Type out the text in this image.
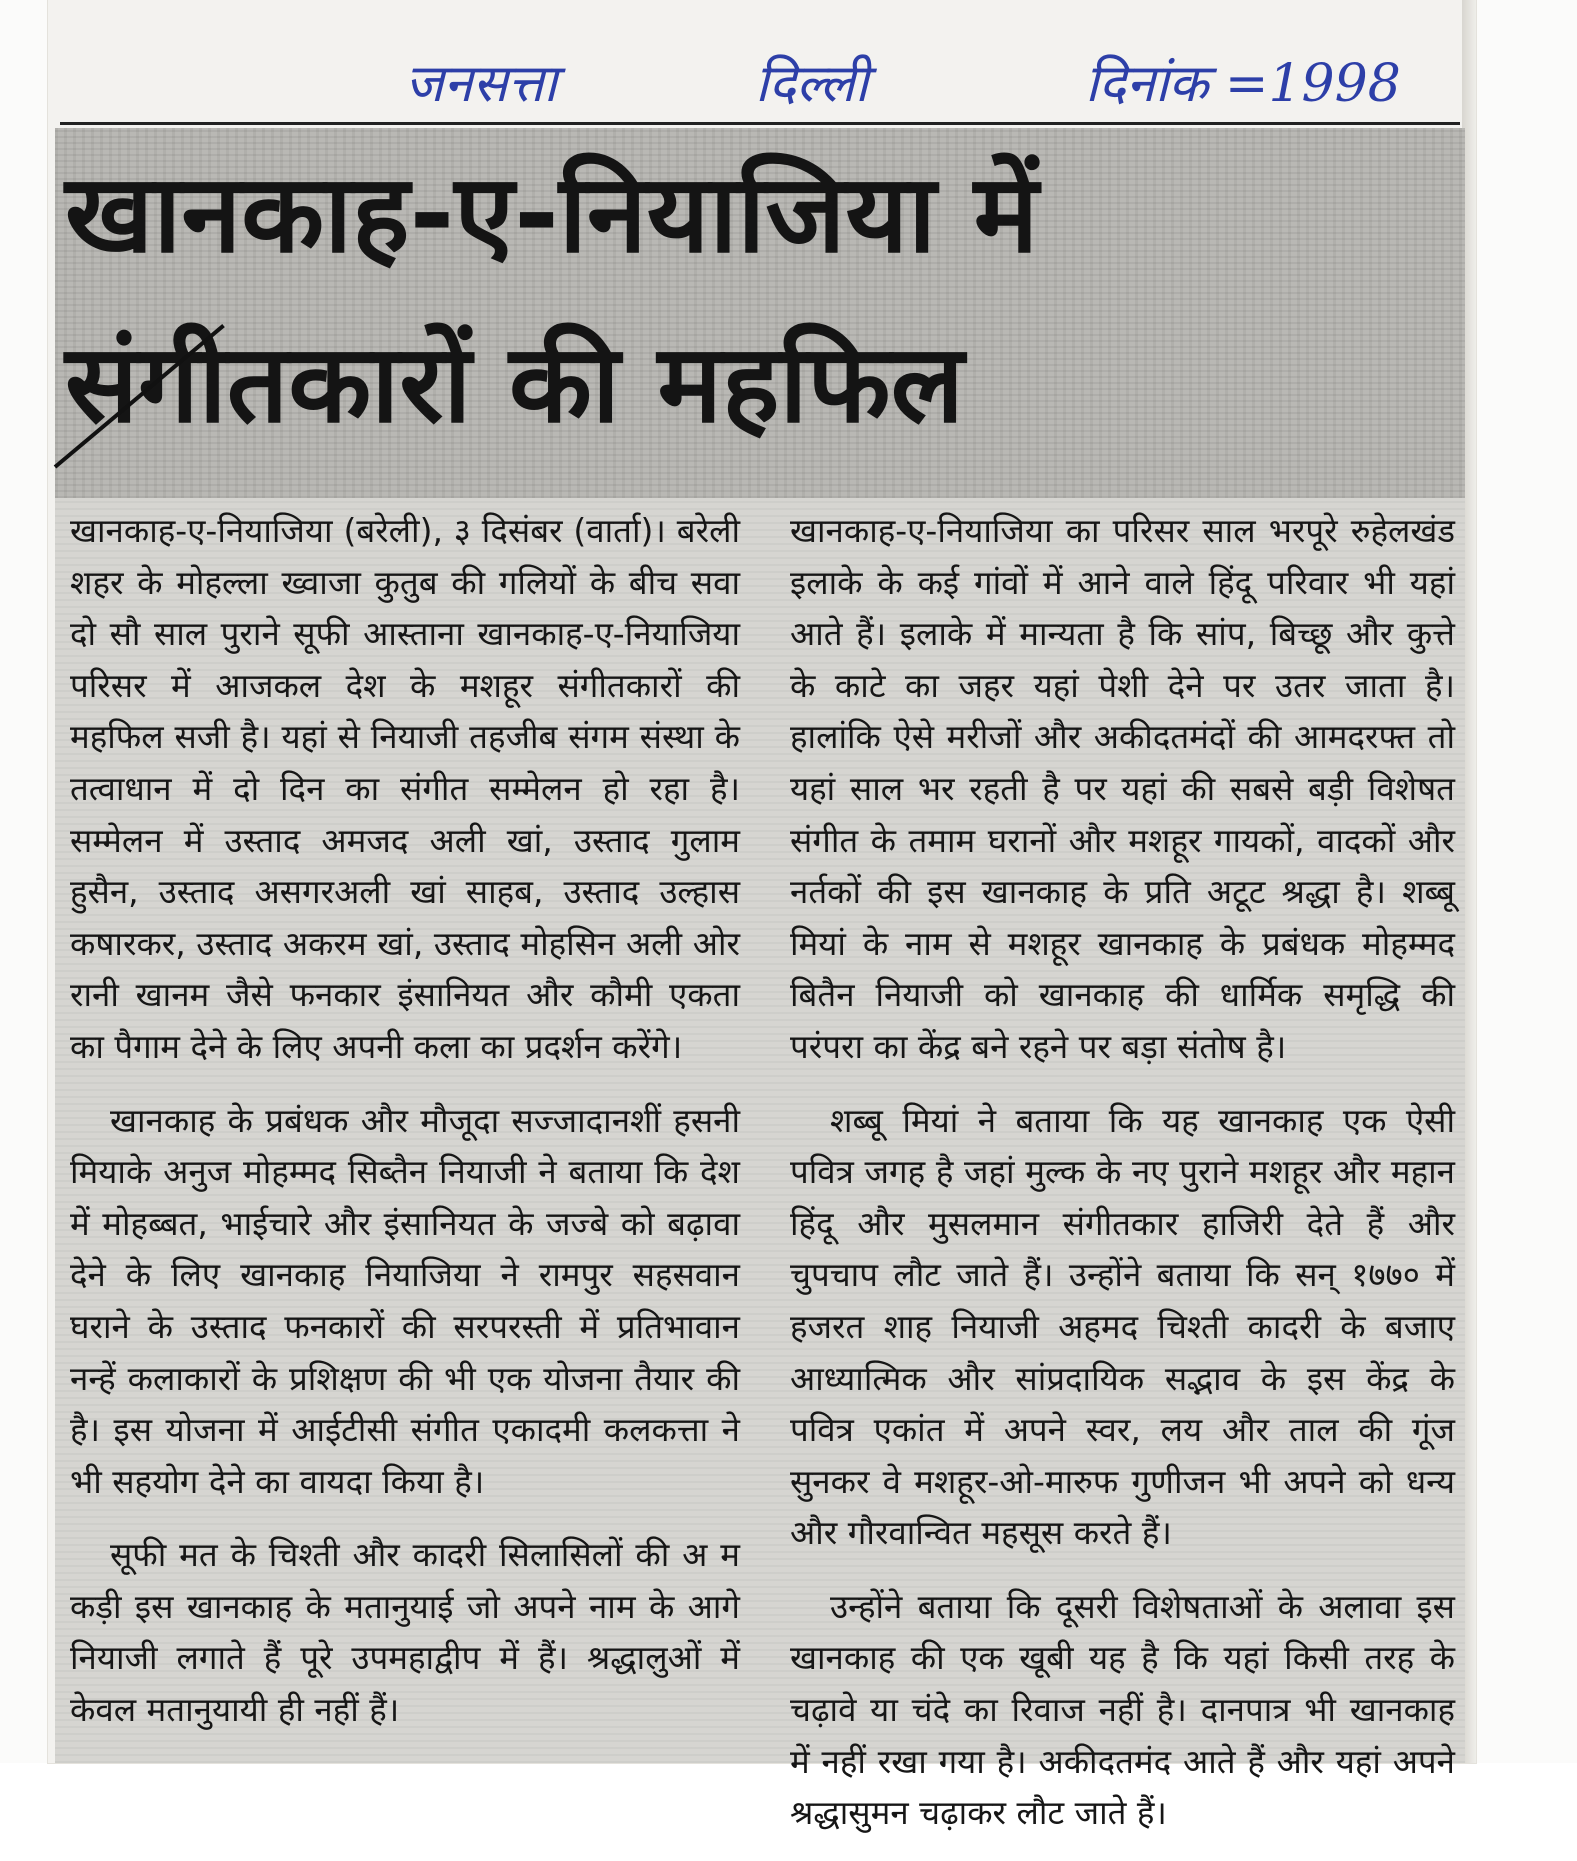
जनसत्ता	दिल्ली	दिनांक =1998
खानकाह-ए-नियाजिया में
संगीतकारों की महफिल

खानकाह-ए-नियाजिया (बरेली), ३ दिसंबर (वार्ता)। बरेली शहर के मोहल्ला ख्वाजा कुतुब की गलियों के बीच सवा दो सौ साल पुराने सूफी आस्ताना खानकाह-ए-नियाजिया परिसर में आजकल देश के मशहूर संगीतकारों की महफिल सजी है। यहां से नियाजी तहजीब संगम संस्था के तत्वाधान में दो दिन का संगीत सम्मेलन हो रहा है। सम्मेलन में उस्ताद अमजद अली खां, उस्ताद गुलाम हुसैन, उस्ताद असगरअली खां साहब, उस्ताद उल्हास कषारकर, उस्ताद अकरम खां, उस्ताद मोहसिन अली ओर रानी खानम जैसे फनकार इंसानियत और कौमी एकता का पैगाम देने के लिए अपनी कला का प्रदर्शन करेंगे।

खानकाह के प्रबंधक और मौजूदा सज्जादानशीं हसनी मियाके अनुज मोहम्मद सिब्तैन नियाजी ने बताया कि देश में मोहब्बत, भाईचारे और इंसानियत के जज्बे को बढ़ावा देने के लिए खानकाह नियाजिया ने रामपुर सहसवान घराने के उस्ताद फनकारों की सरपरस्ती में प्रतिभावान नन्हें कलाकारों के प्रशिक्षण की भी एक योजना तैयार की है। इस योजना में आईटीसी संगीत एकादमी कलकत्ता ने भी सहयोग देने का वायदा किया है।

सूफी मत के चिश्ती और कादरी सिलासिलों की अ म कड़ी इस खानकाह के मतानुयाई जो अपने नाम के आगे नियाजी लगाते हैं पूरे उपमहाद्वीप में हैं। श्रद्धालुओं में केवल मतानुयायी ही नहीं हैं।

खानकाह-ए-नियाजिया का परिसर साल भरपूरे रुहेलखंड इलाके के कई गांवों में आने वाले हिंदू परिवार भी यहां आते हैं। इलाके में मान्यता है कि सांप, बिच्छू और कुत्ते के काटे का जहर यहां पेशी देने पर उतर जाता है। हालांकि ऐसे मरीजों और अकीदतमंदों की आमदरफ्त तो यहां साल भर रहती है पर यहां की सबसे बड़ी विशेषत संगीत के तमाम घरानों और मशहूर गायकों, वादकों और नर्तकों की इस खानकाह के प्रति अटूट श्रद्धा है। शब्बू मियां के नाम से मशहूर खानकाह के प्रबंधक मोहम्मद बितैन नियाजी को खानकाह की धार्मिक समृद्धि की परंपरा का केंद्र बने रहने पर बड़ा संतोष है।

शब्बू मियां ने बताया कि यह खानकाह एक ऐसी पवित्र जगह है जहां मुल्क के नए पुराने मशहूर और महान हिंदू और मुसलमान संगीतकार हाजिरी देते हैं और चुपचाप लौट जाते हैं। उन्होंने बताया कि सन् १७७० में हजरत शाह नियाजी अहमद चिश्ती कादरी के बजाए आध्यात्मिक और सांप्रदायिक सद्भाव के इस केंद्र के पवित्र एकांत में अपने स्वर, लय और ताल की गूंज सुनकर वे मशहूर-ओ-मारुफ गुणीजन भी अपने को धन्य और गौरवान्वित महसूस करते हैं।

उन्होंने बताया कि दूसरी विशेषताओं के अलावा इस खानकाह की एक खूबी यह है कि यहां किसी तरह के चढ़ावे या चंदे का रिवाज नहीं है। दानपात्र भी खानकाह में नहीं रखा गया है। अकीदतमंद आते हैं और यहां अपने श्रद्धासुमन चढ़ाकर लौट जाते हैं।
